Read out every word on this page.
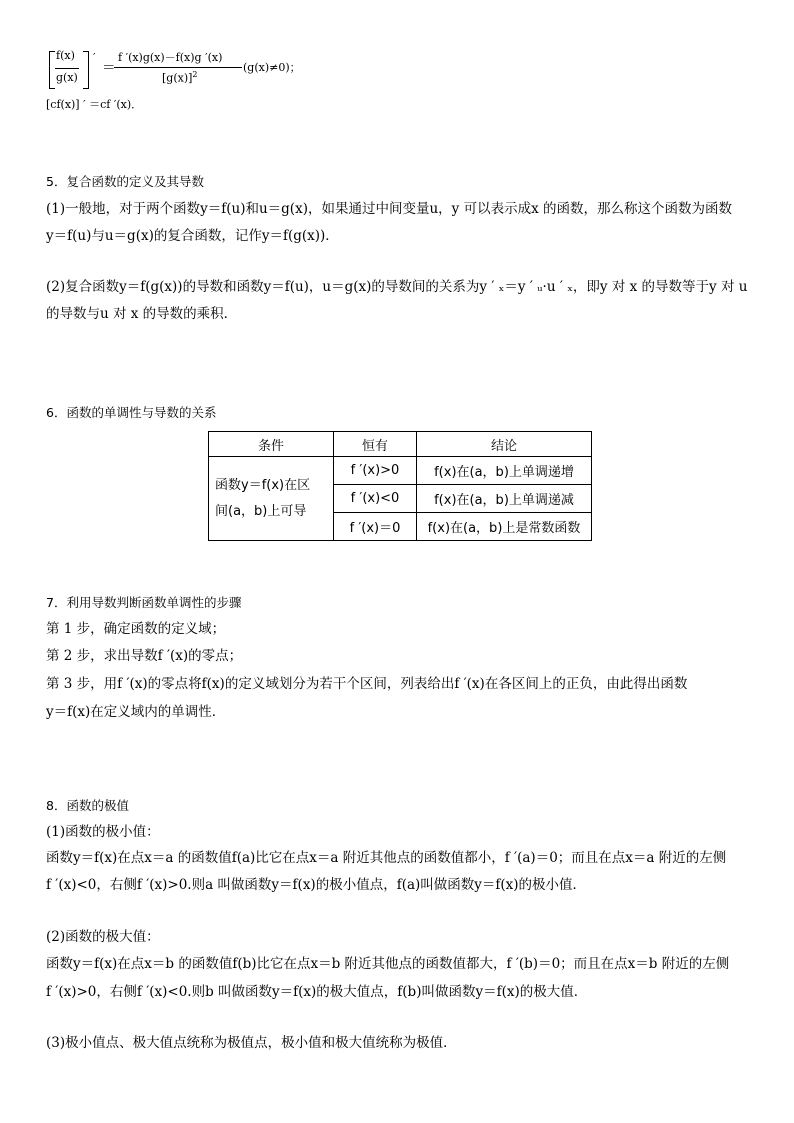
f(x)
g(x)
′
＝
f ′(x)g(x)－f(x)g ′(x)
$[g(x)]^2$
(g(x)≠0)；
[cf(x)] ′ ＝cf ′(x)．
5．复合函数的定义及其导数
(1)一般地，对于两个函数y＝f(u)和u＝g(x)，如果通过中间变量u，y 可以表示成x 的函数，那么称这个函数为函数
y＝f(u)与u＝g(x)的复合函数，记作y＝f(g(x))．
(2)复合函数y＝f(g(x))的导数和函数y＝f(u)，u＝g(x)的导数间的关系为y ′ ₓ＝y ′ ᵤ·u ′ ₓ，即y 对 x 的导数等于y 对 u
的导数与u 对 x 的导数的乘积．
6．函数的单调性与导数的关系
条件	恒有	结论
函数y＝f(x)在区
间(a，b)上可导	f ′(x)>0	f(x)在(a，b)上单调递增
	f ′(x)<0	f(x)在(a，b)上单调递减
	f ′(x)＝0	f(x)在(a，b)上是常数函数
7．利用导数判断函数单调性的步骤
第 1 步，确定函数的定义域；
第 2 步，求出导数f ′(x)的零点；
第 3 步，用f ′(x)的零点将f(x)的定义域划分为若干个区间，列表给出f ′(x)在各区间上的正负，由此得出函数
y＝f(x)在定义域内的单调性．
8．函数的极值
(1)函数的极小值：
函数y＝f(x)在点x＝a 的函数值f(a)比它在点x＝a 附近其他点的函数值都小，f ′(a)＝0；而且在点x＝a 附近的左侧
f ′(x)<0，右侧f ′(x)>0.则a 叫做函数y＝f(x)的极小值点，f(a)叫做函数y＝f(x)的极小值．
(2)函数的极大值：
函数y＝f(x)在点x＝b 的函数值f(b)比它在点x＝b 附近其他点的函数值都大，f ′(b)＝0；而且在点x＝b 附近的左侧
f ′(x)>0，右侧f ′(x)<0.则b 叫做函数y＝f(x)的极大值点，f(b)叫做函数y＝f(x)的极大值．
(3)极小值点、极大值点统称为极值点，极小值和极大值统称为极值．
